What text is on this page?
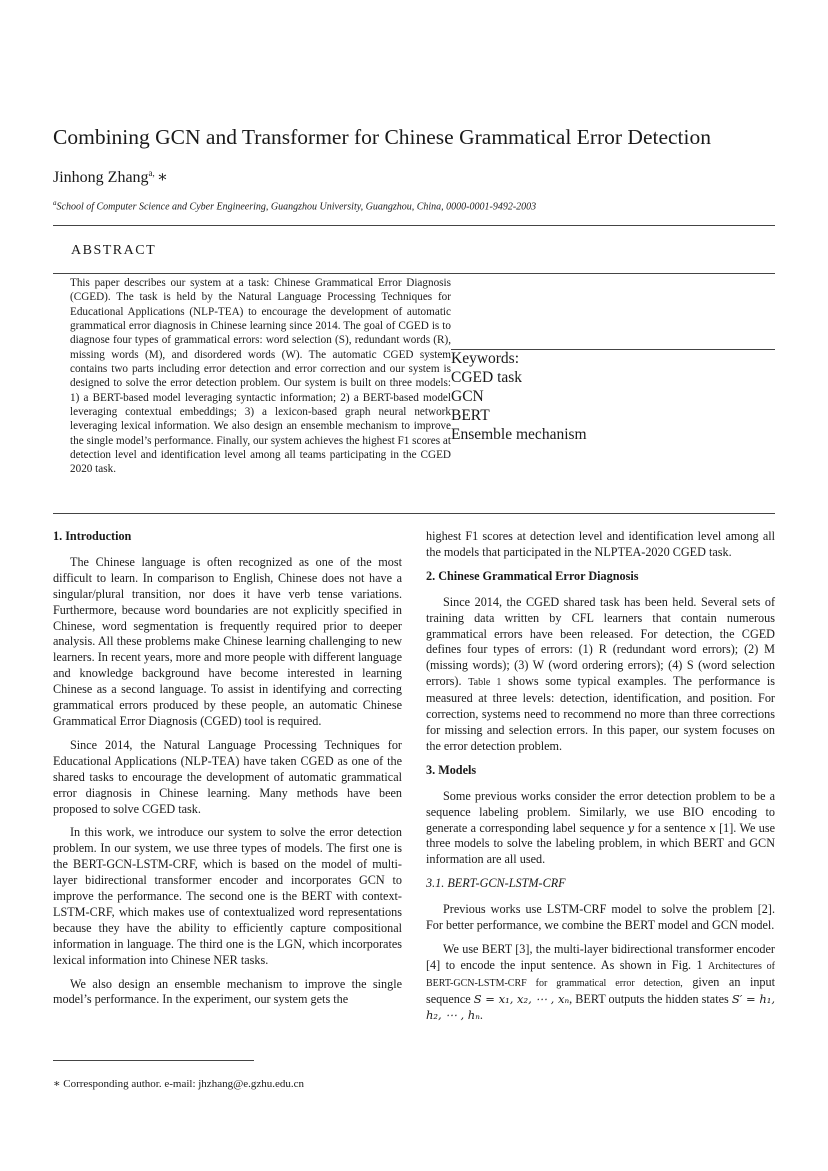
Combining GCN and Transformer for Chinese Grammatical Error Detection
Jinhong Zhang$^{a,}$ ∗
$^a$School of Computer Science and Cyber Engineering, Guangzhou University, Guangzhou, China, 0000-0001-9492-2003
ABSTRACT
This paper describes our system at a task: Chinese Grammatical Error Diagnosis (CGED). The task is held by the Natural Language Processing Techniques for Educational Applications (NLP-TEA) to encourage the development of automatic grammatical error diagnosis in Chinese learning since 2014. The goal of CGED is to diagnose four types of grammatical errors: word selection (S), redundant words (R), missing words (M), and disordered words (W). The automatic CGED system contains two parts including error detection and error correction and our system is designed to solve the error detection problem. Our system is built on three models: 1) a BERT-based model leveraging syntactic information; 2) a BERT-based model leveraging contextual embeddings; 3) a lexicon-based graph neural network leveraging lexical information. We also design an ensemble mechanism to improve the single model’s performance. Finally, our system achieves the highest F1 scores at detection level and identification level among all teams participating in the CGED 2020 task.
Keywords:
CGED task
GCN
BERT
Ensemble mechanism
1. Introduction

The Chinese language is often recognized as one of the most difficult to learn. In comparison to English, Chinese does not have a singular/plural transition, nor does it have verb tense variations. Furthermore, because word boundaries are not explicitly specified in Chinese, word segmentation is frequently required prior to deeper analysis. All these problems make Chinese learning challenging to new learners. In recent years, more and more people with different language and knowledge background have become interested in learning Chinese as a second language. To assist in identifying and correcting grammatical errors produced by these people, an automatic Chinese Grammatical Error Diagnosis (CGED) tool is required.

Since 2014, the Natural Language Processing Techniques for Educational Applications (NLP-TEA) have taken CGED as one of the shared tasks to encourage the development of automatic grammatical error diagnosis in Chinese learning. Many methods have been proposed to solve CGED task.

In this work, we introduce our system to solve the error detection problem. In our system, we use three types of models. The first one is the BERT-GCN-LSTM-CRF, which is based on the model of multi-layer bidirectional transformer encoder and incorporates GCN to improve the performance. The second one is the BERT with context-LSTM-CRF, which makes use of contextualized word representations because they have the ability to efficiently capture compositional information in language. The third one is the LGN, which incorporates lexical information into Chinese NER tasks.

We also design an ensemble mechanism to improve the single model’s performance. In the experiment, our system gets the

highest F1 scores at detection level and identification level among all the models that participated in the NLPTEA-2020 CGED task.

2. Chinese Grammatical Error Diagnosis

Since 2014, the CGED shared task has been held. Several sets of training data written by CFL learners that contain numerous grammatical errors have been released. For detection, the CGED defines four types of errors: (1) R (redundant word errors); (2) M (missing words); (3) W (word ordering errors); (4) S (word selection errors). Table 1 shows some typical examples. The performance is measured at three levels: detection, identification, and position. For correction, systems need to recommend no more than three corrections for missing and selection errors. In this paper, our system focuses on the error detection problem.

3. Models

Some previous works consider the error detection problem to be a sequence labeling problem. Similarly, we use BIO encoding to generate a corresponding label sequence y for a sentence x [1]. We use three models to solve the labeling problem, in which BERT and GCN information are all used.

3.1. BERT-GCN-LSTM-CRF

Previous works use LSTM-CRF model to solve the problem [2]. For better performance, we combine the BERT model and GCN model.

We use BERT [3], the multi-layer bidirectional transformer encoder [4] to encode the input sentence. As shown in Fig. 1 Architectures of BERT-GCN-LSTM-CRF for grammatical error detection, given an input sequence S = x₁, x₂, ⋯ , xₙ, BERT outputs the hidden states S′ = h₁, h₂, ⋯ , hₙ.

∗ Corresponding author. e-mail: jhzhang@e.gzhu.edu.cn
